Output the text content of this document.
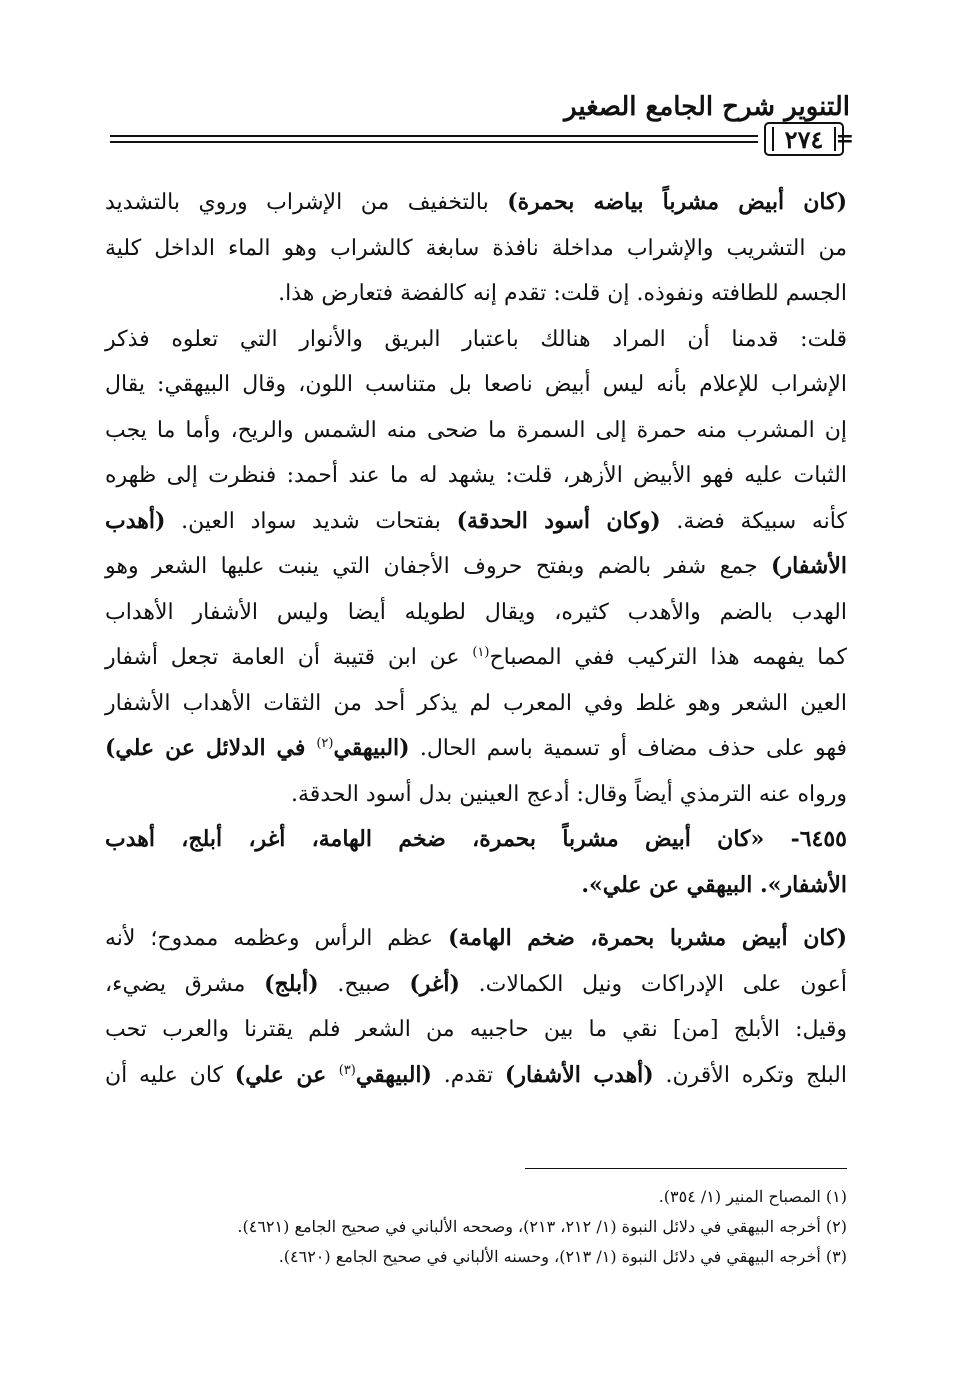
التنوير شرح الجامع الصغير
٢٧٤ =
(كان أبيض مشرباً بياضه بحمرة) بالتخفيف من الإشراب وروي بالتشديد
من التشريب والإشراب مداخلة نافذة سابغة كالشراب وهو الماء الداخل كلية
الجسم للطافته ونفوذه. إن قلت: تقدم إنه كالفضة فتعارض هذا.
قلت: قدمنا أن المراد هنالك باعتبار البريق والأنوار التي تعلوه فذكر
الإشراب للإعلام بأنه ليس أبيض ناصعا بل متناسب اللون، وقال البيهقي: يقال
إن المشرب منه حمرة إلى السمرة ما ضحى منه الشمس والريح، وأما ما يجب
الثبات عليه فهو الأبيض الأزهر، قلت: يشهد له ما عند أحمد: فنظرت إلى ظهره
كأنه سبيكة فضة. (وكان أسود الحدقة) بفتحات شديد سواد العين. (أهدب
الأشفار) جمع شفر بالضم وبفتح حروف الأجفان التي ينبت عليها الشعر وهو
الهدب بالضم والأهدب كثيره، ويقال لطويله أيضا وليس الأشفار الأهداب
كما يفهمه هذا التركيب ففي المصباح$^{(١)}$ عن ابن قتيبة أن العامة تجعل أشفار
العين الشعر وهو غلط وفي المعرب لم يذكر أحد من الثقات الأهداب الأشفار
فهو على حذف مضاف أو تسمية باسم الحال. (البيهقي$^{(٢)}$ في الدلائل عن علي)
ورواه عنه الترمذي أيضاً وقال: أدعج العينين بدل أسود الحدقة.
٦٤٥٥- «كان أبيض مشرباً بحمرة، ضخم الهامة، أغر، أبلج، أهدب
الأشفار». البيهقي عن علي».
(كان أبيض مشربا بحمرة، ضخم الهامة) عظم الرأس وعظمه ممدوح؛ لأنه
أعون على الإدراكات ونيل الكمالات. (أغر) صبيح. (أبلج) مشرق يضيء،
وقيل: الأبلج [من] نقي ما بين حاجبيه من الشعر فلم يقترنا والعرب تحب
البلج وتكره الأقرن. (أهدب الأشفار) تقدم. (البيهقي$^{(٣)}$ عن علي) كان عليه أن
(١) المصباح المنير (١/ ٣٥٤).
(٢) أخرجه البيهقي في دلائل النبوة (١/ ٢١٢، ٢١٣)، وصححه الألباني في صحيح الجامع (٤٦٢١).
(٣) أخرجه البيهقي في دلائل النبوة (١/ ٢١٣)، وحسنه الألباني في صحيح الجامع (٤٦٢٠).
